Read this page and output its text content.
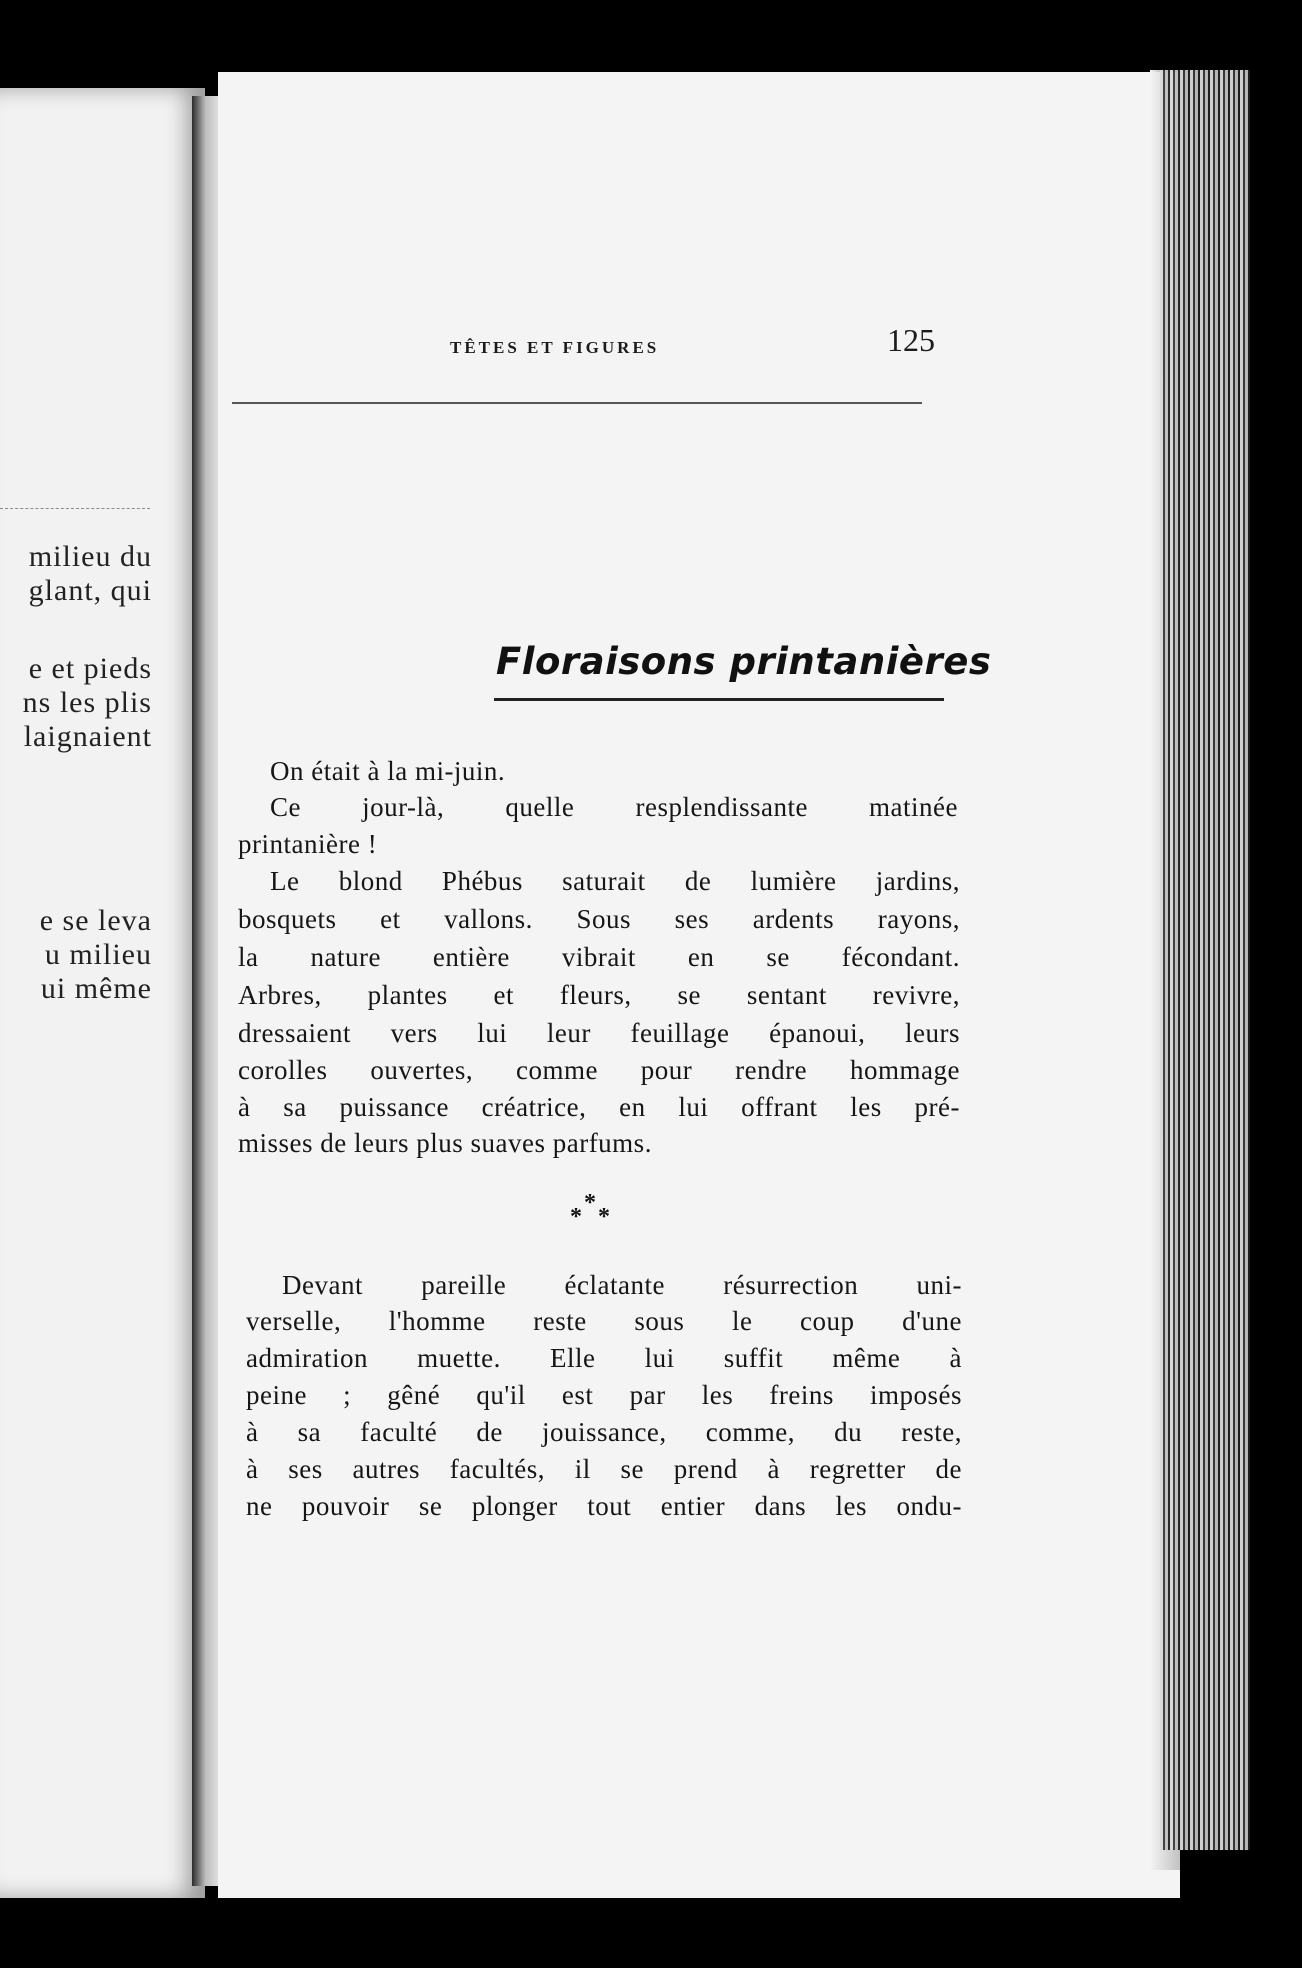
milieu du
glant, qui
e et pieds
ns les plis
laignaient
e se leva
u milieu
ui même
TÊTES ET FIGURES	125
Floraisons printanières
On était à la mi-juin.
Ce jour-là, quelle resplendissante matinée
printanière !
Le blond Phébus saturait de lumière jardins,
bosquets et vallons. Sous ses ardents rayons,
la nature entière vibrait en se fécondant.
Arbres, plantes et fleurs, se sentant revivre,
dressaient vers lui leur feuillage épanoui, leurs
corolles ouvertes, comme pour rendre hommage
à sa puissance créatrice, en lui offrant les pré-
misses de leurs plus suaves parfums.
*
* *
Devant pareille éclatante résurrection uni-
verselle, l'homme reste sous le coup d'une
admiration muette. Elle lui suffit même à
peine ; gêné qu'il est par les freins imposés
à sa faculté de jouissance, comme, du reste,
à ses autres facultés, il se prend à regretter de
ne pouvoir se plonger tout entier dans les ondu-
